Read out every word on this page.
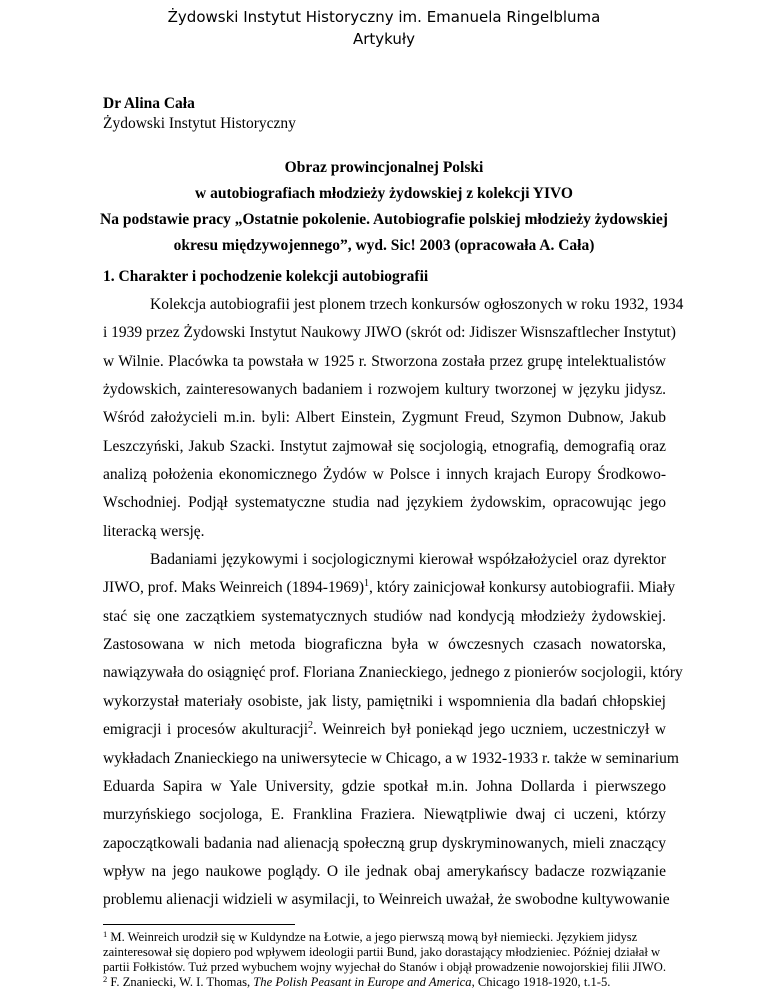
Żydowski Instytut Historyczny im. Emanuela Ringelbluma
Artykuły
Dr Alina Cała
Żydowski Instytut Historyczny
Obraz prowincjonalnej Polski
w autobiografiach młodzieży żydowskiej z kolekcji YIVO
Na podstawie pracy „Ostatnie pokolenie. Autobiografie polskiej młodzieży żydowskiej
okresu międzywojennego”, wyd. Sic! 2003 (opracowała A. Cała)
1. Charakter i pochodzenie kolekcji autobiografii
Kolekcja autobiografii jest plonem trzech konkursów ogłoszonych w roku 1932, 1934
i 1939 przez Żydowski Instytut Naukowy JIWO (skrót od: Jidiszer Wisnszaftlecher Instytut)
w Wilnie. Placówka ta powstała w 1925 r. Stworzona została przez grupę intelektualistów
żydowskich, zainteresowanych badaniem i rozwojem kultury tworzonej w języku jidysz.
Wśród założycieli m.in. byli: Albert Einstein, Zygmunt Freud, Szymon Dubnow, Jakub
Leszczyński, Jakub Szacki. Instytut zajmował się socjologią, etnografią, demografią oraz
analizą położenia ekonomicznego Żydów w Polsce i innych krajach Europy Środkowo-
Wschodniej. Podjął systematyczne studia nad językiem żydowskim, opracowując jego
literacką wersję.
Badaniami językowymi i socjologicznymi kierował współzałożyciel oraz dyrektor
JIWO, prof. Maks Weinreich (1894-1969)$^1$, który zainicjował konkursy autobiografii. Miały
stać się one zaczątkiem systematycznych studiów nad kondycją młodzieży żydowskiej.
Zastosowana w nich metoda biograficzna była w ówczesnych czasach nowatorska,
nawiązywała do osiągnięć prof. Floriana Znanieckiego, jednego z pionierów socjologii, który
wykorzystał materiały osobiste, jak listy, pamiętniki i wspomnienia dla badań chłopskiej
emigracji i procesów akulturacji$^2$. Weinreich był poniekąd jego uczniem, uczestniczył w
wykładach Znanieckiego na uniwersytecie w Chicago, a w 1932-1933 r. także w seminarium
Eduarda Sapira w Yale University, gdzie spotkał m.in. Johna Dollarda i pierwszego
murzyńskiego socjologa, E. Franklina Fraziera. Niewątpliwie dwaj ci uczeni, którzy
zapoczątkowali badania nad alienacją społeczną grup dyskryminowanych, mieli znaczący
wpływ na jego naukowe poglądy. O ile jednak obaj amerykańscy badacze rozwiązanie
problemu alienacji widzieli w asymilacji, to Weinreich uważał, że swobodne kultywowanie
$^1$ M. Weinreich urodził się w Kuldyndze na Łotwie, a jego pierwszą mową był niemiecki. Językiem jidysz
zainteresował się dopiero pod wpływem ideologii partii Bund, jako dorastający młodzieniec. Później działał w
partii Fołkistów. Tuż przed wybuchem wojny wyjechał do Stanów i objął prowadzenie nowojorskiej filii JIWO.
$^2$ F. Znaniecki, W. I. Thomas, The Polish Peasant in Europe and America, Chicago 1918-1920, t.1-5.
